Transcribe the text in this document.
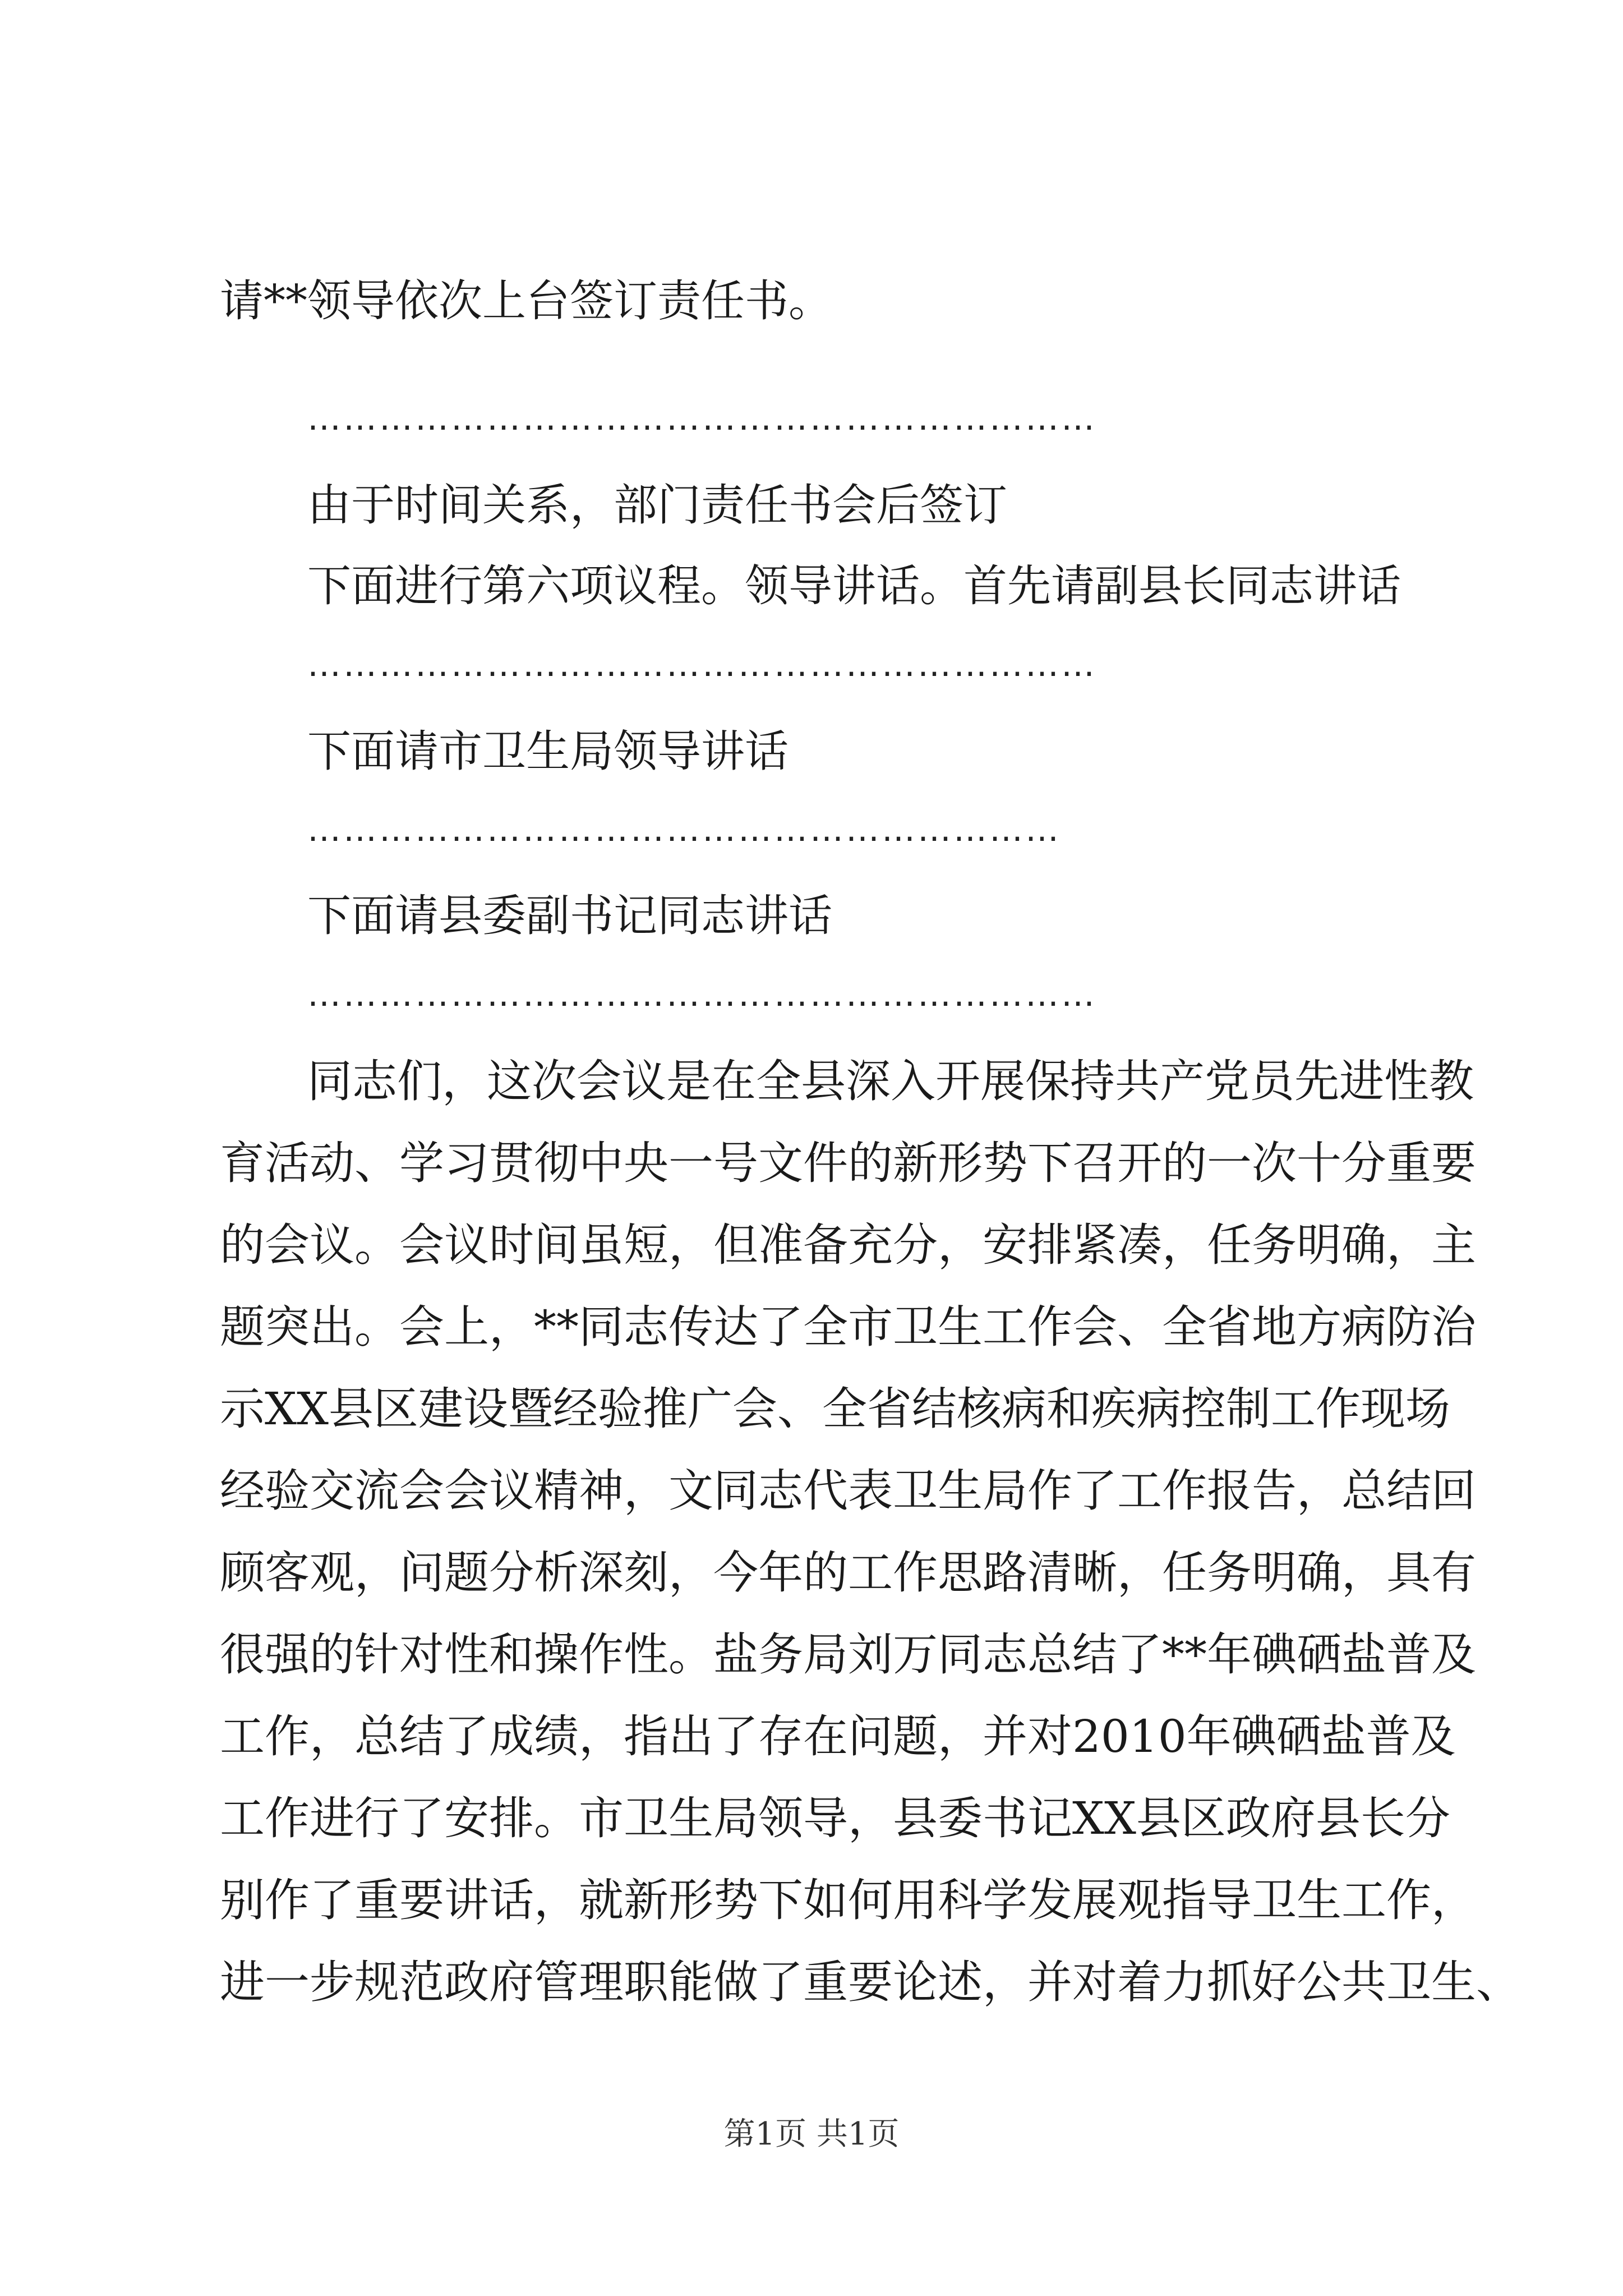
请**领导依次上台签订责任书。
…………………………………………………………
由于时间关系，部门责任书会后签订
下面进行第六项议程。领导讲话。首先请副县长同志讲话
…………………………………………………………
下面请市卫生局领导讲话
………………………………………………………
下面请县委副书记同志讲话
…………………………………………………………
同志们，这次会议是在全县深入开展保持共产党员先进性教
育活动、学习贯彻中央一号文件的新形势下召开的一次十分重要
的会议。会议时间虽短，但准备充分，安排紧凑，任务明确，主
题突出。会上，**同志传达了全市卫生工作会、全省地方病防治
示XX县区建设暨经验推广会、全省结核病和疾病控制工作现场
经验交流会会议精神，文同志代表卫生局作了工作报告，总结回
顾客观，问题分析深刻，今年的工作思路清晰，任务明确，具有
很强的针对性和操作性。盐务局刘万同志总结了**年碘硒盐普及
工作，总结了成绩，指出了存在问题，并对2010年碘硒盐普及
工作进行了安排。市卫生局领导，县委书记XX县区政府县长分
别作了重要讲话，就新形势下如何用科学发展观指导卫生工作，
进一步规范政府管理职能做了重要论述，并对着力抓好公共卫生、
第1页 共1页
